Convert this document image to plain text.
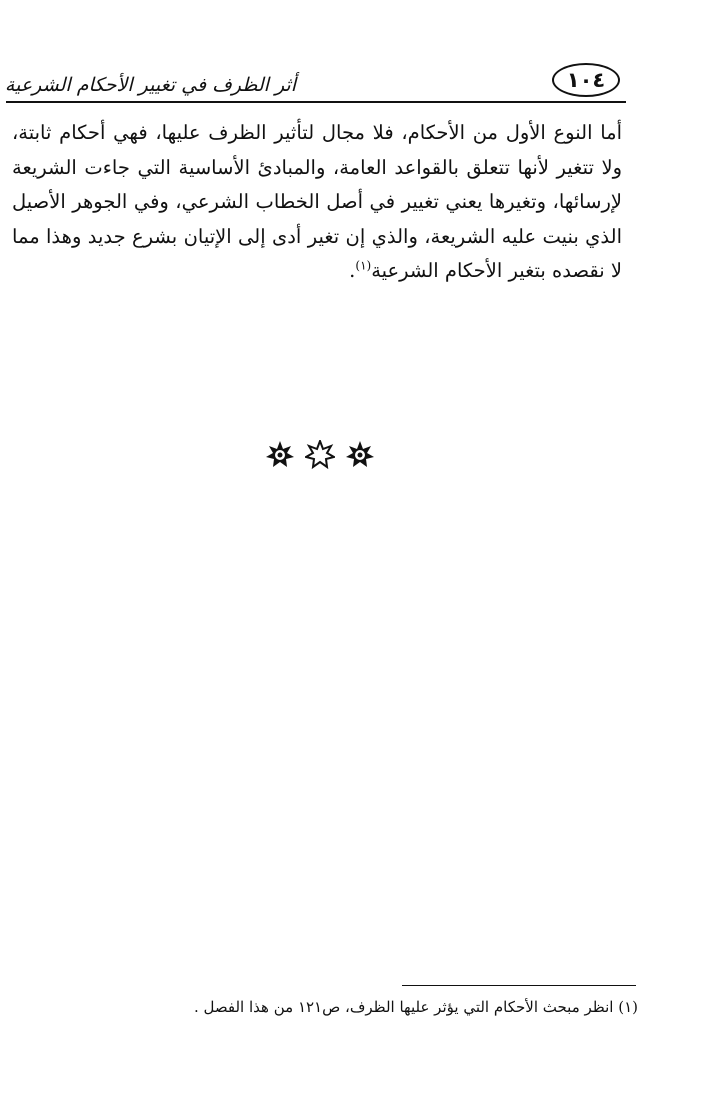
أثر الظرف في تغيير الأحكام الشرعية	١٠٤

أما النوع الأول من الأحكام، فلا مجال لتأثير الظرف عليها، فهي أحكام ثابتة، ولا تتغير لأنها تتعلق بالقواعد العامة، والمبادئ الأساسية التي جاءت الشريعة لإرسائها، وتغيرها يعني تغيير في أصل الخطاب الشرعي، وفي الجوهر الأصيل الذي بنيت عليه الشريعة، والذي إن تغير أدى إلى الإتيان بشرع جديد وهذا مما لا نقصده بتغير الأحكام الشرعية$^{(١)}$.

(١) انظر مبحث الأحكام التي يؤثر عليها الظرف، ص١٢١ من هذا الفصل .
